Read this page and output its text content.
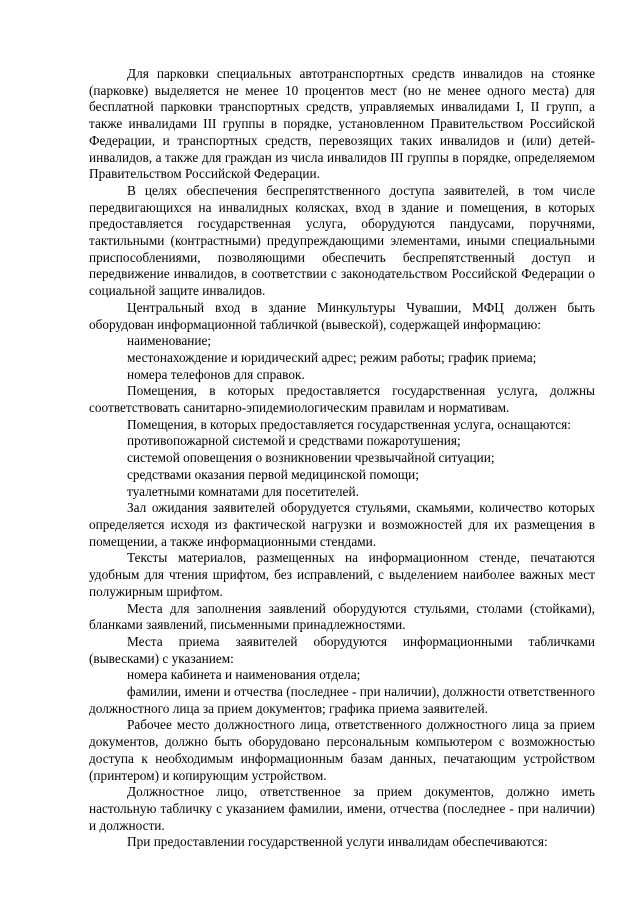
Для парковки специальных автотранспортных средств инвалидов на стоянке (парковке) выделяется не менее 10 процентов мест (но не менее одного места) для бесплатной парковки транспортных средств, управляемых инвалидами I, II групп, а также инвалидами III группы в порядке, установленном Правительством Российской Федерации, и транспортных средств, перевозящих таких инвалидов и (или) детей-инвалидов, а также для граждан из числа инвалидов III группы в порядке, определяемом Правительством Российской Федерации.

В целях обеспечения беспрепятственного доступа заявителей, в том числе передвигающихся на инвалидных колясках, вход в здание и помещения, в которых предоставляется государственная услуга, оборудуются пандусами, поручнями, тактильными (контрастными) предупреждающими элементами, иными специальными приспособлениями, позволяющими обеспечить беспрепятственный доступ и передвижение инвалидов, в соответствии с законодательством Российской Федерации о социальной защите инвалидов.

Центральный вход в здание Минкультуры Чувашии, МФЦ должен быть оборудован информационной табличкой (вывеской), содержащей информацию:

наименование;

местонахождение и юридический адрес; режим работы; график приема;

номера телефонов для справок.

Помещения, в которых предоставляется государственная услуга, должны соответствовать санитарно-эпидемиологическим правилам и нормативам.

Помещения, в которых предоставляется государственная услуга, оснащаются:

противопожарной системой и средствами пожаротушения;

системой оповещения о возникновении чрезвычайной ситуации;

средствами оказания первой медицинской помощи;

туалетными комнатами для посетителей.

Зал ожидания заявителей оборудуется стульями, скамьями, количество которых определяется исходя из фактической нагрузки и возможностей для их размещения в помещении, а также информационными стендами.

Тексты материалов, размещенных на информационном стенде, печатаются удобным для чтения шрифтом, без исправлений, с выделением наиболее важных мест полужирным шрифтом.

Места для заполнения заявлений оборудуются стульями, столами (стойками), бланками заявлений, письменными принадлежностями.

Места приема заявителей оборудуются информационными табличками (вывесками) с указанием:

номера кабинета и наименования отдела;

фамилии, имени и отчества (последнее - при наличии), должности ответственного должностного лица за прием документов; графика приема заявителей.

Рабочее место должностного лица, ответственного должностного лица за прием документов, должно быть оборудовано персональным компьютером с возможностью доступа к необходимым информационным базам данных, печатающим устройством (принтером) и копирующим устройством.

Должностное лицо, ответственное за прием документов, должно иметь настольную табличку с указанием фамилии, имени, отчества (последнее - при наличии) и должности.

При предоставлении государственной услуги инвалидам обеспечиваются:
